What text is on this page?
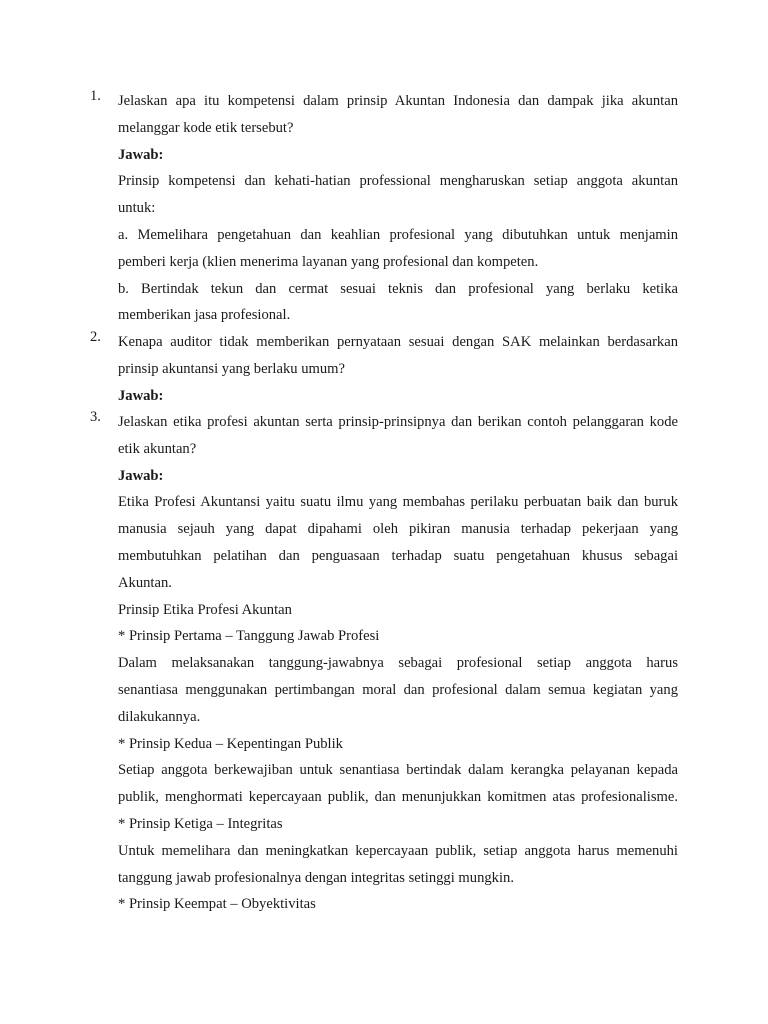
1.	Jelaskan apa itu kompetensi dalam prinsip Akuntan Indonesia dan dampak jika akuntan

melanggar kode etik tersebut?

Jawab:

Prinsip kompetensi dan kehati-hatian professional mengharuskan setiap anggota akuntan

untuk:

a. Memelihara pengetahuan dan keahlian profesional yang dibutuhkan untuk menjamin

pemberi kerja (klien menerima layanan yang profesional dan kompeten.

b. Bertindak tekun dan cermat sesuai teknis dan profesional yang berlaku ketika

memberikan jasa profesional.

2.	Kenapa auditor tidak memberikan pernyataan sesuai dengan SAK melainkan berdasarkan

prinsip akuntansi yang berlaku umum?

Jawab:

3.	Jelaskan etika profesi akuntan serta prinsip-prinsipnya dan berikan contoh pelanggaran kode

etik akuntan?

Jawab:

Etika Profesi Akuntansi yaitu suatu ilmu yang membahas perilaku perbuatan baik dan buruk

manusia sejauh yang dapat dipahami oleh pikiran manusia terhadap pekerjaan yang

membutuhkan pelatihan dan penguasaan terhadap suatu pengetahuan khusus sebagai

Akuntan.

Prinsip Etika Profesi Akuntan

* Prinsip Pertama – Tanggung Jawab Profesi

Dalam melaksanakan tanggung-jawabnya sebagai profesional setiap anggota harus

senantiasa menggunakan pertimbangan moral dan profesional dalam semua kegiatan yang

dilakukannya.

* Prinsip Kedua – Kepentingan Publik

Setiap anggota berkewajiban untuk senantiasa bertindak dalam kerangka pelayanan kepada

publik, menghormati kepercayaan publik, dan menunjukkan komitmen atas profesionalisme.

* Prinsip Ketiga – Integritas

Untuk memelihara dan meningkatkan kepercayaan publik, setiap anggota harus memenuhi

tanggung jawab profesionalnya dengan integritas setinggi mungkin.

* Prinsip Keempat – Obyektivitas
